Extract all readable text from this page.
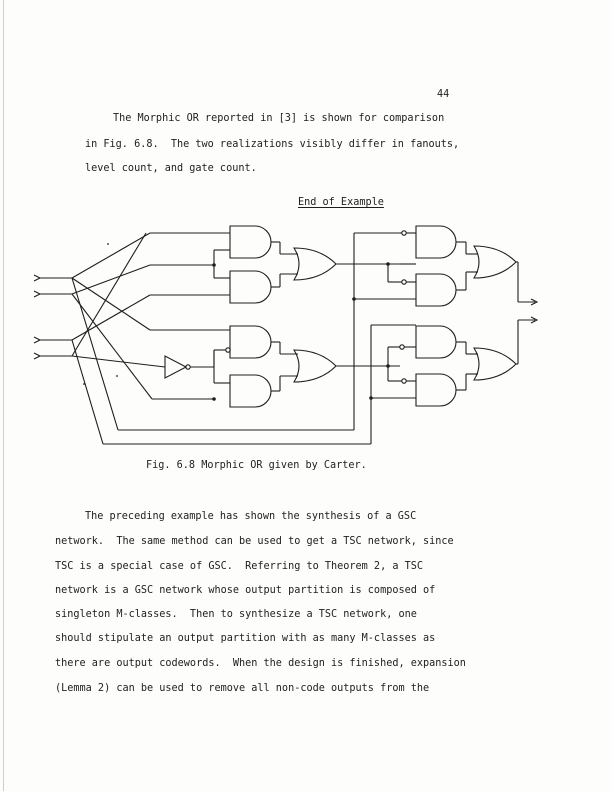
44
The Morphic OR reported in [3] is shown for comparison
in Fig. 6.8.  The two realizations visibly differ in fanouts,
level count, and gate count.
End of Example
Fig. 6.8 Morphic OR given by Carter.
The preceding example has shown the synthesis of a GSC
network.  The same method can be used to get a TSC network, since
TSC is a special case of GSC.  Referring to Theorem 2, a TSC
network is a GSC network whose output partition is composed of
singleton M-classes.  Then to synthesize a TSC network, one
should stipulate an output partition with as many M-classes as
there are output codewords.  When the design is finished, expansion
(Lemma 2) can be used to remove all non-code outputs from the
